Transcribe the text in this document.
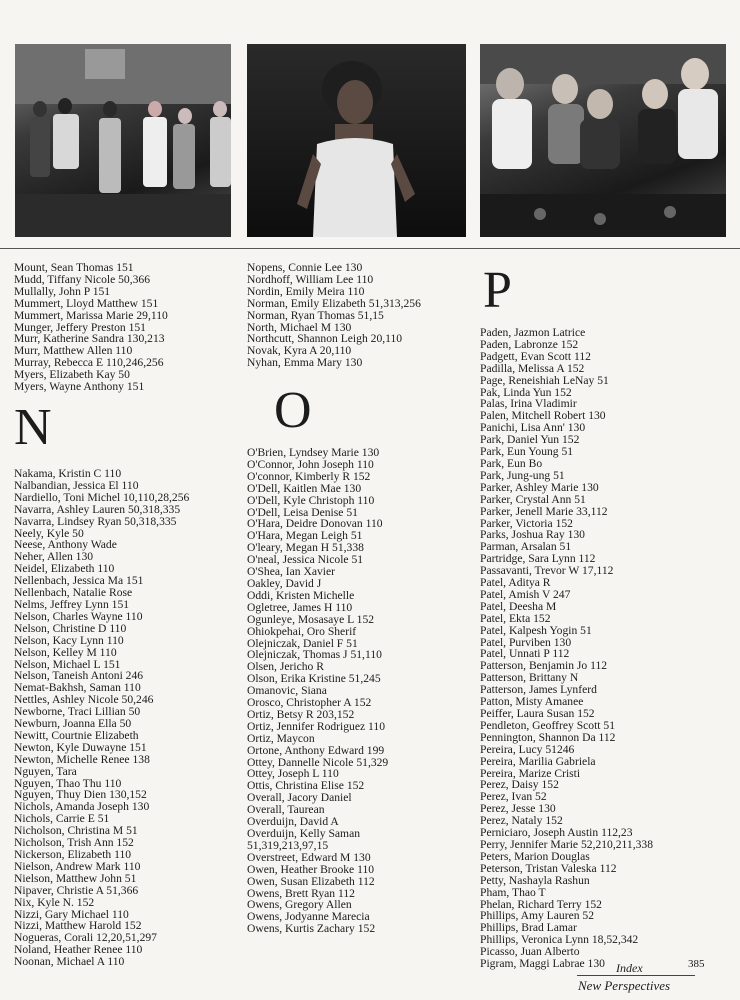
Mount, Sean Thomas 151
Mudd, Tiffany Nicole 50,366
Mullally, John P 151
Mummert, Lloyd Matthew 151
Mummert, Marissa Marie 29,110
Munger, Jeffery Preston 151
Murr, Katherine Sandra 130,213
Murr, Matthew Allen 110
Murray, Rebecca E 110,246,256
Myers, Elizabeth Kay 50
Myers, Wayne Anthony 151
N
Nakama, Kristin C 110
Nalbandian, Jessica El 110
Nardiello, Toni Michel 10,110,28,256
Navarra, Ashley Lauren 50,318,335
Navarra, Lindsey Ryan 50,318,335
Neely, Kyle 50
Neese, Anthony Wade
Neher, Allen 130
Neidel, Elizabeth 110
Nellenbach, Jessica Ma 151
Nellenbach, Natalie Rose
Nelms, Jeffrey Lynn 151
Nelson, Charles Wayne 110
Nelson, Christine D 110
Nelson, Kacy Lynn 110
Nelson, Kelley M 110
Nelson, Michael L 151
Nelson, Taneish Antoni 246
Nemat-Bakhsh, Saman 110
Nettles, Ashley Nicole 50,246
Newborne, Traci Lillian 50
Newburn, Joanna Ella 50
Newitt, Courtnie Elizabeth
Newton, Kyle Duwayne 151
Newton, Michelle Renee 138
Nguyen, Tara
Nguyen, Thao Thu 110
Nguyen, Thuy Dien 130,152
Nichols, Amanda Joseph 130
Nichols, Carrie E 51
Nicholson, Christina M 51
Nicholson, Trish Ann 152
Nickerson, Elizabeth 110
Nielson, Andrew Mark 110
Nielson, Matthew John 51
Nipaver, Christie A 51,366
Nix, Kyle N. 152
Nizzi, Gary Michael 110
Nizzi, Matthew Harold 152
Nogueras, Corali 12,20,51,297
Noland, Heather Renee 110
Noonan, Michael A 110
Nopens, Connie Lee 130
Nordhoff, William Lee 110
Nordin, Emily Meira 110
Norman, Emily Elizabeth 51,313,256
Norman, Ryan Thomas 51,15
North, Michael M 130
Northcutt, Shannon Leigh 20,110
Novak, Kyra A 20,110
Nyhan, Emma Mary 130
O
O'Brien, Lyndsey Marie 130
O'Connor, John Joseph 110
O'connor, Kimberly R 152
O'Dell, Kaitlen Mae 130
O'Dell, Kyle Christoph 110
O'Dell, Leisa Denise 51
O'Hara, Deidre Donovan 110
O'Hara, Megan Leigh 51
O'leary, Megan H 51,338
O'neal, Jessica Nicole 51
O'Shea, Ian Xavier
Oakley, David J
Oddi, Kristen Michelle
Ogletree, James H 110
Ogunleye, Mosasaye L 152
Ohiokpehai, Oro Sherif
Olejniczak, Daniel F 51
Olejniczak, Thomas J 51,110
Olsen, Jericho R
Olson, Erika Kristine 51,245
Omanovic, Siana
Orosco, Christopher A 152
Ortiz, Betsy R 203,152
Ortiz, Jennifer Rodriguez 110
Ortiz, Maycon
Ortone, Anthony Edward 199
Ottey, Dannelle Nicole 51,329
Ottey, Joseph L 110
Ottis, Christina Elise 152
Overall, Jacory Daniel
Overall, Taurean
Overduijn, David A
Overduijn, Kelly Saman
51,319,213,97,15
Overstreet, Edward M 130
Owen, Heather Brooke 110
Owen, Susan Elizabeth 112
Owens, Brett Ryan 112
Owens, Gregory Allen
Owens, Jodyanne Marecia
Owens, Kurtis Zachary 152
P
Paden, Jazmon Latrice
Paden, Labronze 152
Padgett, Evan Scott 112
Padilla, Melissa A 152
Page, Reneishiah LeNay 51
Pak, Linda Yun 152
Palas, Irina Vladimir
Palen, Mitchell Robert 130
Panichi, Lisa Ann' 130
Park, Daniel Yun 152
Park, Eun Young 51
Park, Eun Bo
Park, Jung-ung 51
Parker, Ashley Marie 130
Parker, Crystal Ann 51
Parker, Jenell Marie 33,112
Parker, Victoria 152
Parks, Joshua Ray 130
Parman, Arsalan 51
Partridge, Sara Lynn 112
Passavanti, Trevor W 17,112
Patel, Aditya R
Patel, Amish V 247
Patel, Deesha M
Patel, Ekta 152
Patel, Kalpesh Yogin 51
Patel, Purviben 130
Patel, Unnati P 112
Patterson, Benjamin Jo 112
Patterson, Brittany N
Patterson, James Lynferd
Patton, Misty Amanee
Peiffer, Laura Susan 152
Pendleton, Geoffrey Scott 51
Pennington, Shannon Da 112
Pereira, Lucy 51246
Pereira, Marilia Gabriela
Pereira, Marize Cristi
Perez, Daisy 152
Perez, Ivan 52
Perez, Jesse 130
Perez, Nataly 152
Perniciaro, Joseph Austin 112,23
Perry, Jennifer Marie 52,210,211,338
Peters, Marion Douglas
Peterson, Tristan Valeska 112
Petty, Nashayla Rashun
Pham, Thao T
Phelan, Richard Terry 152
Phillips, Amy Lauren 52
Phillips, Brad Lamar
Phillips, Veronica Lynn 18,52,342
Picasso, Juan Alberto
Pigram, Maggi Labrae 130 Index	385
New Perspectives
